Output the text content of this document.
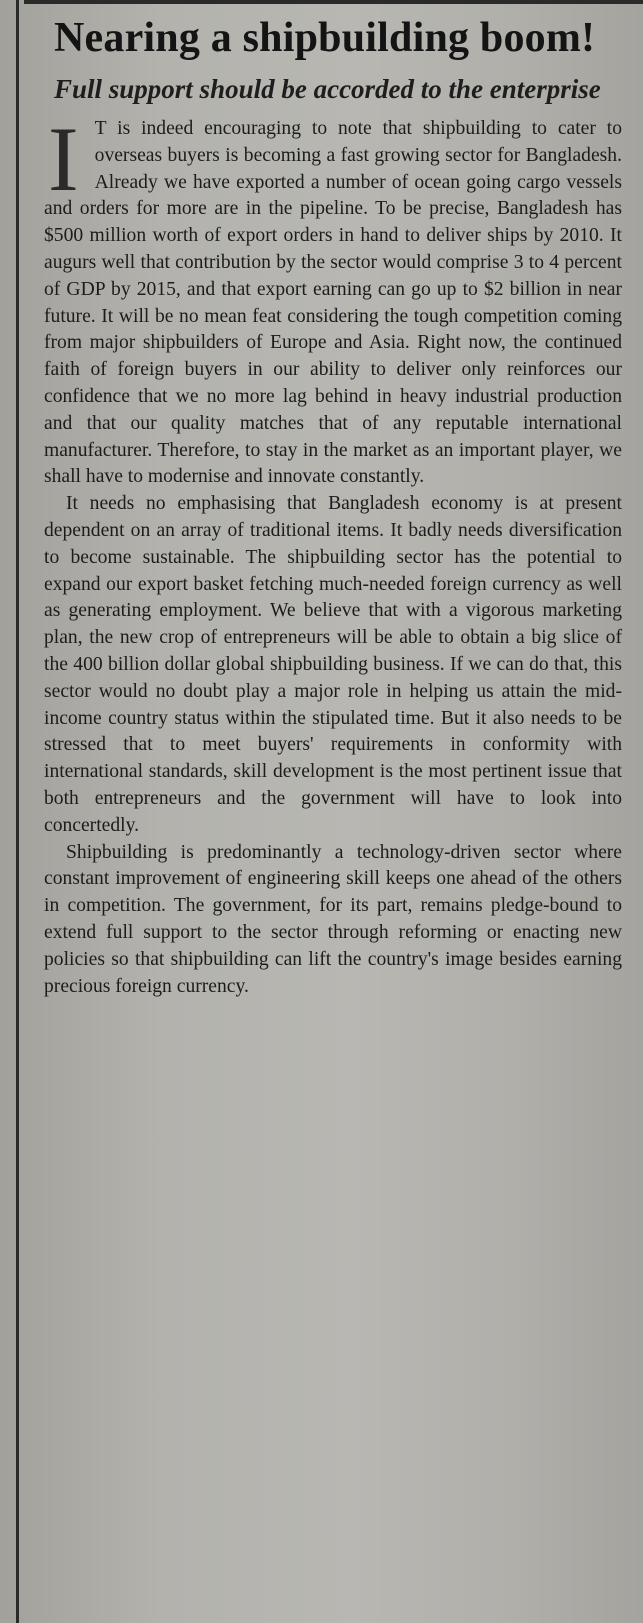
Nearing a shipbuilding boom!
Full support should be accorded to the enterprise

I T is indeed encouraging to note that shipbuilding to cater to overseas buyers is becoming a fast growing sector for Bangladesh. Already we have exported a number of ocean going cargo vessels and orders for more are in the pipeline. To be precise, Bangladesh has $500 million worth of export orders in hand to deliver ships by 2010. It augurs well that contribution by the sector would comprise 3 to 4 percent of GDP by 2015, and that export earning can go up to $2 billion in near future. It will be no mean feat considering the tough competition coming from major shipbuilders of Europe and Asia. Right now, the continued faith of foreign buyers in our ability to deliver only reinforces our confidence that we no more lag behind in heavy industrial production and that our quality matches that of any reputable international manufacturer. Therefore, to stay in the market as an important player, we shall have to modernise and innovate constantly.

It needs no emphasising that Bangladesh economy is at present dependent on an array of traditional items. It badly needs diversification to become sustainable. The shipbuilding sector has the potential to expand our export basket fetching much-needed foreign currency as well as generating employment. We believe that with a vigorous marketing plan, the new crop of entrepreneurs will be able to obtain a big slice of the 400 billion dollar global shipbuilding business. If we can do that, this sector would no doubt play a major role in helping us attain the mid-income country status within the stipulated time. But it also needs to be stressed that to meet buyers' requirements in conformity with international standards, skill development is the most pertinent issue that both entrepreneurs and the government will have to look into concertedly.

Shipbuilding is predominantly a technology-driven sector where constant improvement of engineering skill keeps one ahead of the others in competition. The government, for its part, remains pledge-bound to extend full support to the sector through reforming or enacting new policies so that shipbuilding can lift the country's image besides earning precious foreign currency.
